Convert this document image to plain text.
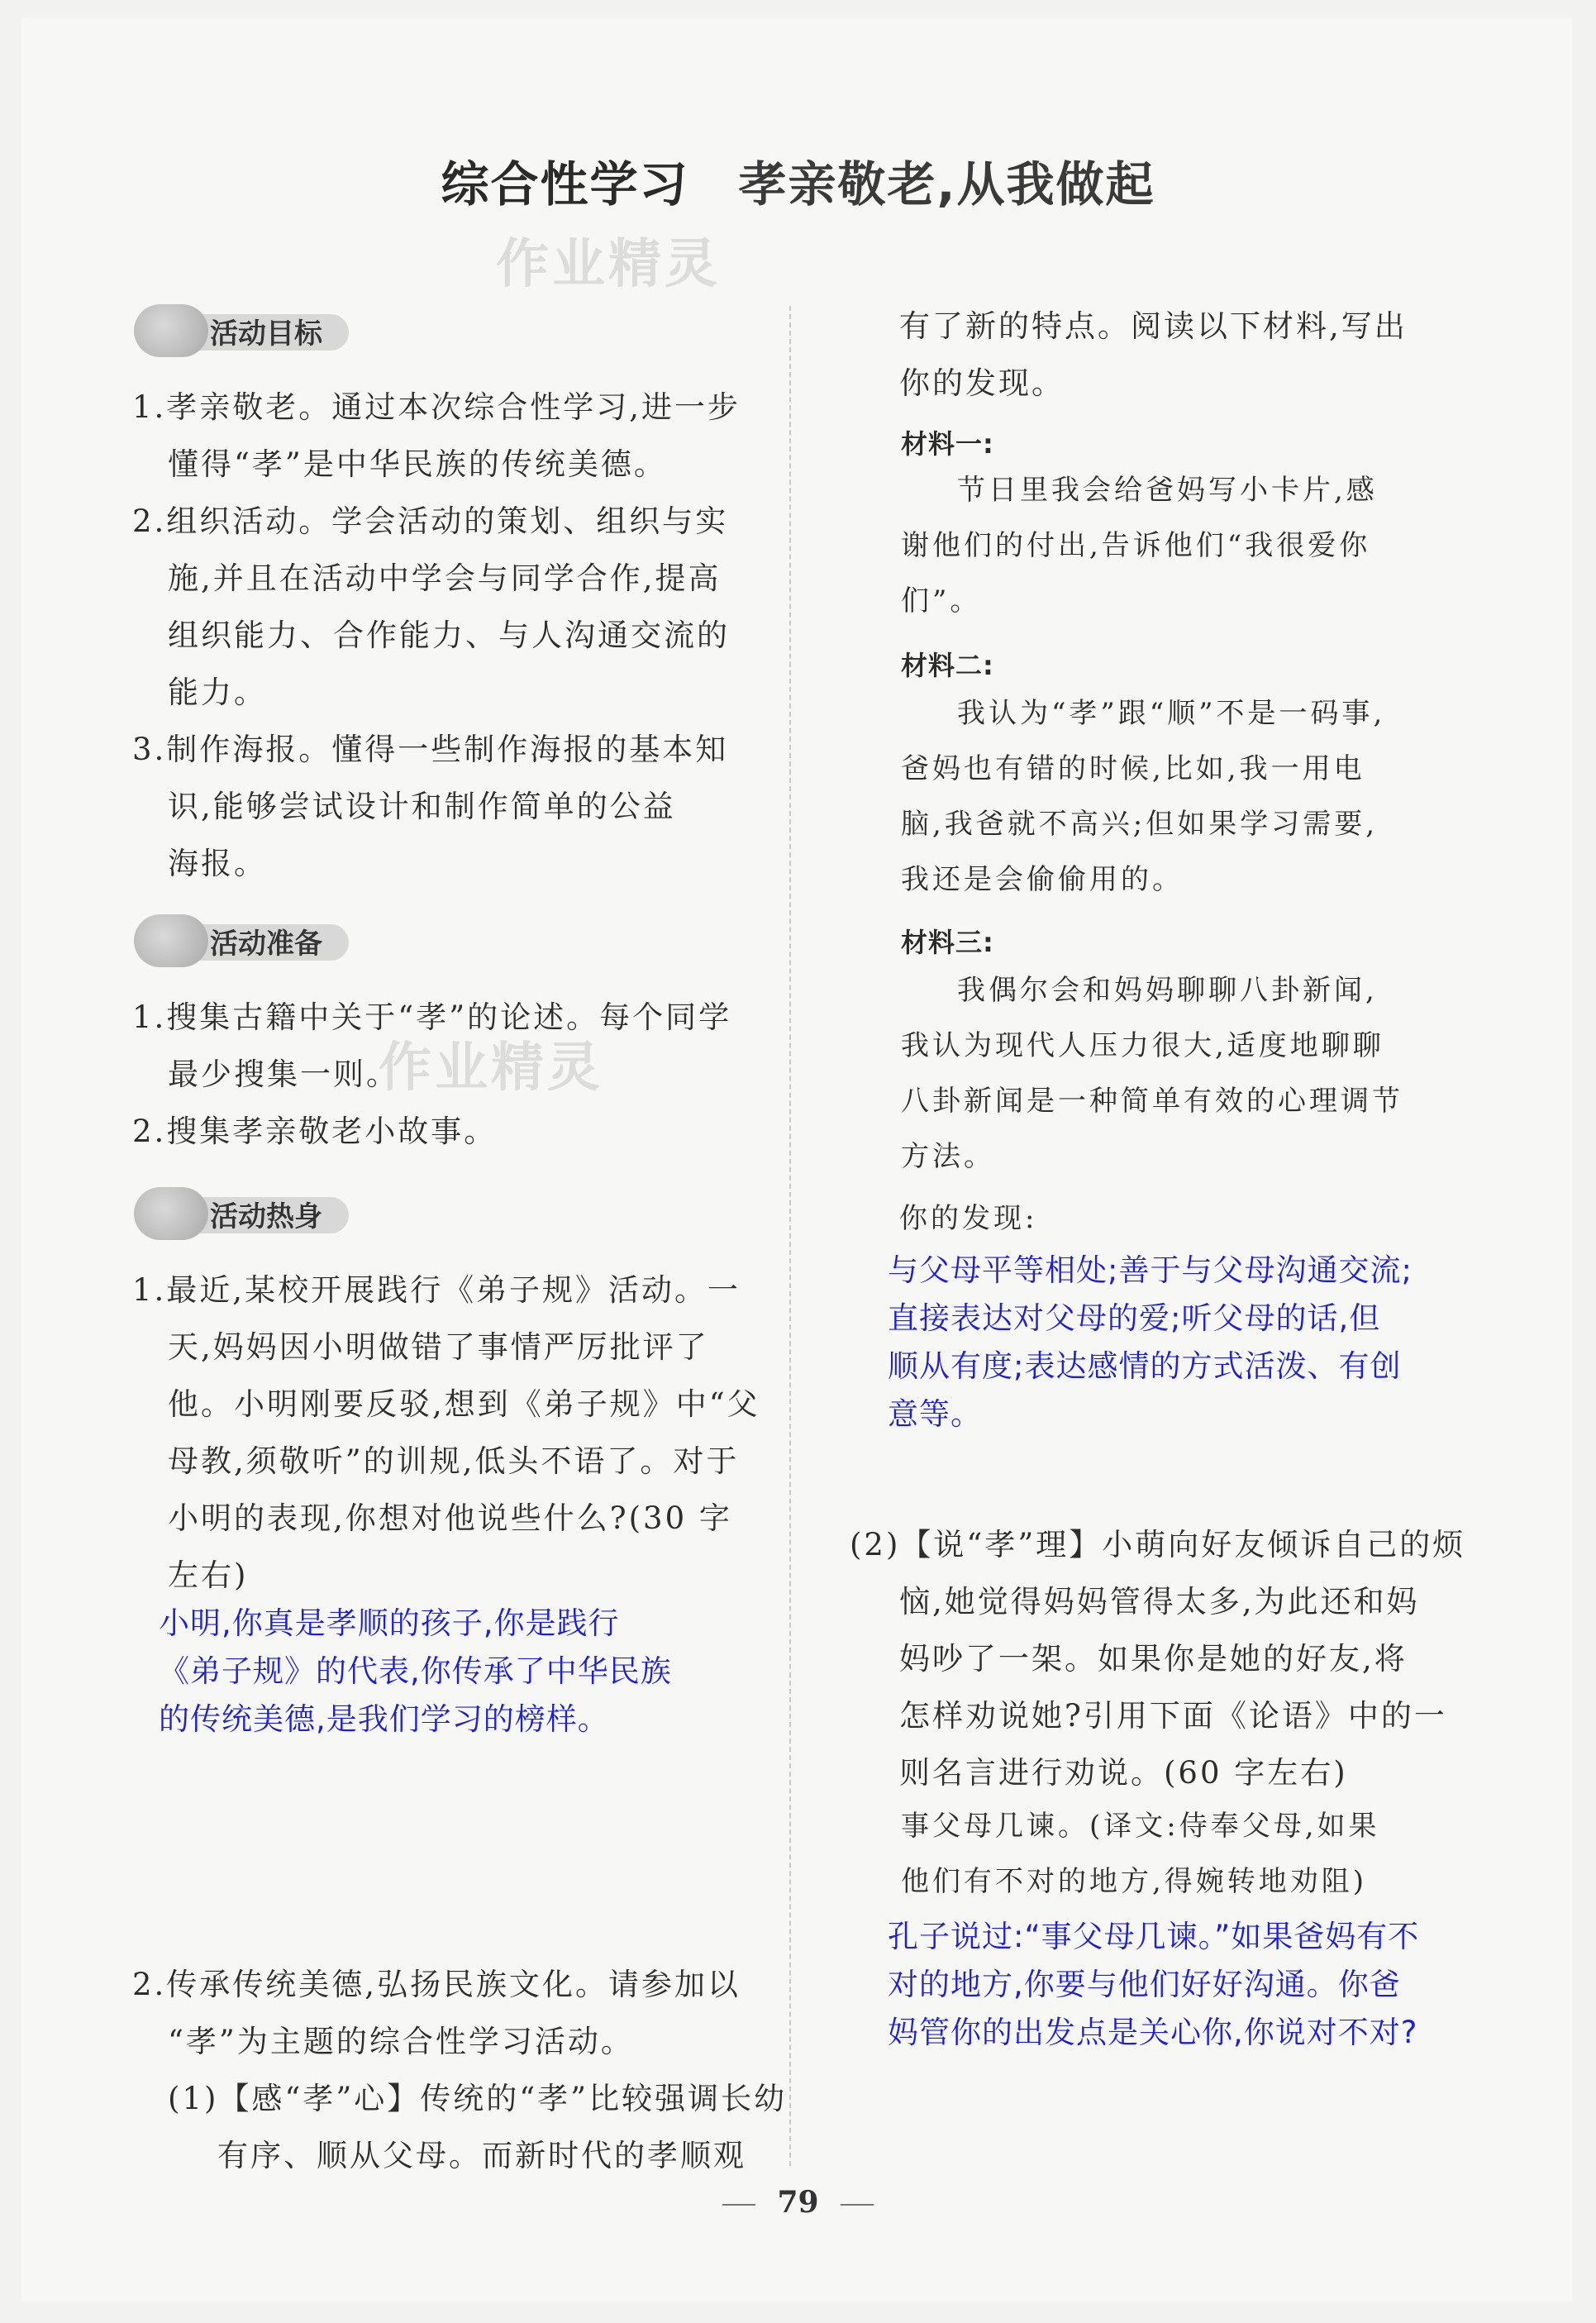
综合性学习 孝亲敬老,从我做起
作业精灵
作业精灵
活动目标
1.孝亲敬老。通过本次综合性学习,进一步
懂得“孝”是中华民族的传统美德。
2.组织活动。学会活动的策划、组织与实
施,并且在活动中学会与同学合作,提高
组织能力、合作能力、与人沟通交流的
能力。
3.制作海报。懂得一些制作海报的基本知
识,能够尝试设计和制作简单的公益
海报。
活动准备
1.搜集古籍中关于“孝”的论述。每个同学
最少搜集一则。
2.搜集孝亲敬老小故事。
活动热身
1.最近,某校开展践行《弟子规》活动。一
天,妈妈因小明做错了事情严厉批评了
他。小明刚要反驳,想到《弟子规》中“父
母教,须敬听”的训规,低头不语了。对于
小明的表现,你想对他说些什么?(30 字
左右)
小明,你真是孝顺的孩子,你是践行
《弟子规》的代表,你传承了中华民族
的传统美德,是我们学习的榜样。
2.传承传统美德,弘扬民族文化。请参加以
“孝”为主题的综合性学习活动。
(1)【感“孝”心】传统的“孝”比较强调长幼
有序、顺从父母。而新时代的孝顺观
有了新的特点。阅读以下材料,写出
你的发现。
材料一:
节日里我会给爸妈写小卡片,感
谢他们的付出,告诉他们“我很爱你
们”。
材料二:
我认为“孝”跟“顺”不是一码事,
爸妈也有错的时候,比如,我一用电
脑,我爸就不高兴;但如果学习需要,
我还是会偷偷用的。
材料三:
我偶尔会和妈妈聊聊八卦新闻,
我认为现代人压力很大,适度地聊聊
八卦新闻是一种简单有效的心理调节
方法。
你的发现:
与父母平等相处;善于与父母沟通交流;
直接表达对父母的爱;听父母的话,但
顺从有度;表达感情的方式活泼、有创
意等。
(2)【说“孝”理】小萌向好友倾诉自己的烦
恼,她觉得妈妈管得太多,为此还和妈
妈吵了一架。如果你是她的好友,将
怎样劝说她?引用下面《论语》中的一
则名言进行劝说。(60 字左右)
事父母几谏。(译文:侍奉父母,如果
他们有不对的地方,得婉转地劝阻)
孔子说过:“事父母几谏。”如果爸妈有不
对的地方,你要与他们好好沟通。你爸
妈管你的出发点是关心你,你说对不对?
79
